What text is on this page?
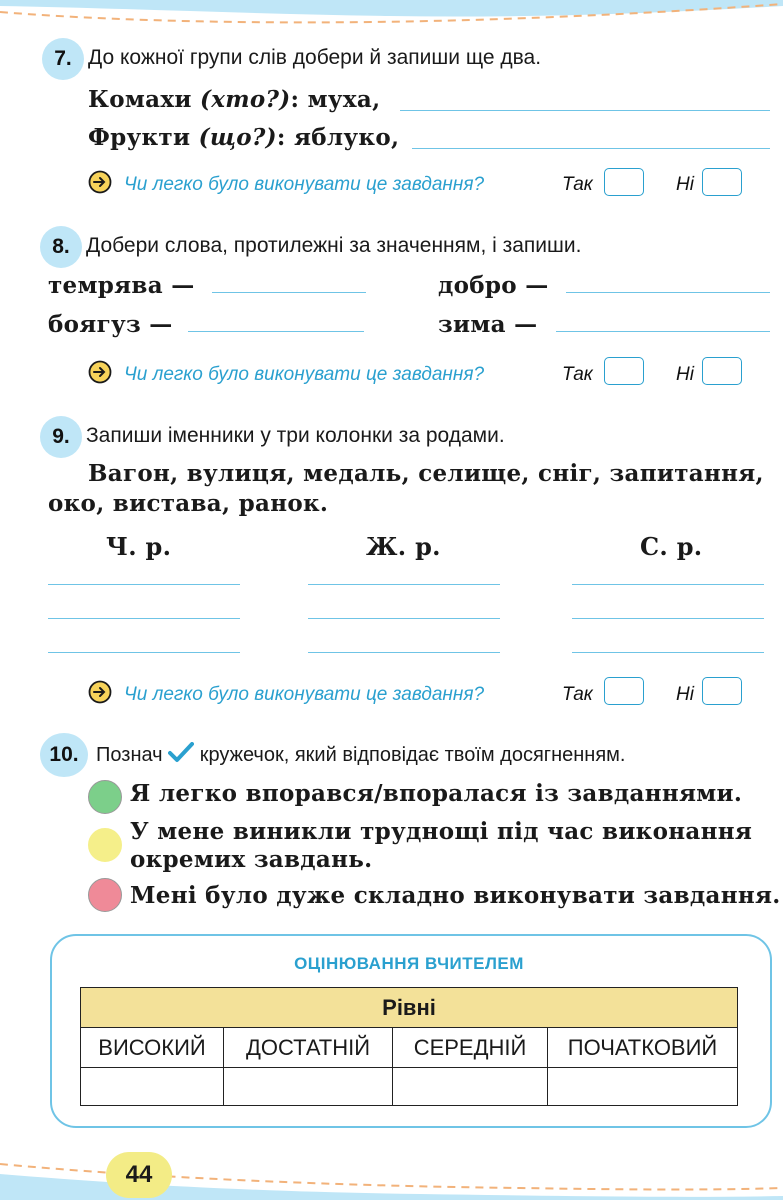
7. До кожної групи слів добери й запиши ще два.
Комахи (хто?): муха,
Фрукти (що?): яблуко,
Чи легко було виконувати це завдання?	Так	Ні
8. Добери слова, протилежні за значенням, і запиши.
темрява —	добро —
боягуз —	зима —
Чи легко було виконувати це завдання?	Так	Ні
9. Запиши іменники у три колонки за родами.
Вагон, вулиця, медаль, селище, сніг, запитання,
око, вистава, ранок.
Ч. р.	Ж. р.	С. р.
Чи легко було виконувати це завдання?	Так	Ні
10. Познач кружечок, який відповідає твоїм досягненням.
Я легко впорався/впоралася із завданнями.
У мене виникли труднощі під час виконання
окремих завдань.
Мені було дуже складно виконувати завдання.
ОЦІНЮВАННЯ ВЧИТЕЛЕМ
Рівні			
ВИСОКИЙ	ДОСТАТНІЙ	СЕРЕДНІЙ	ПОЧАТКОВИЙ

44
